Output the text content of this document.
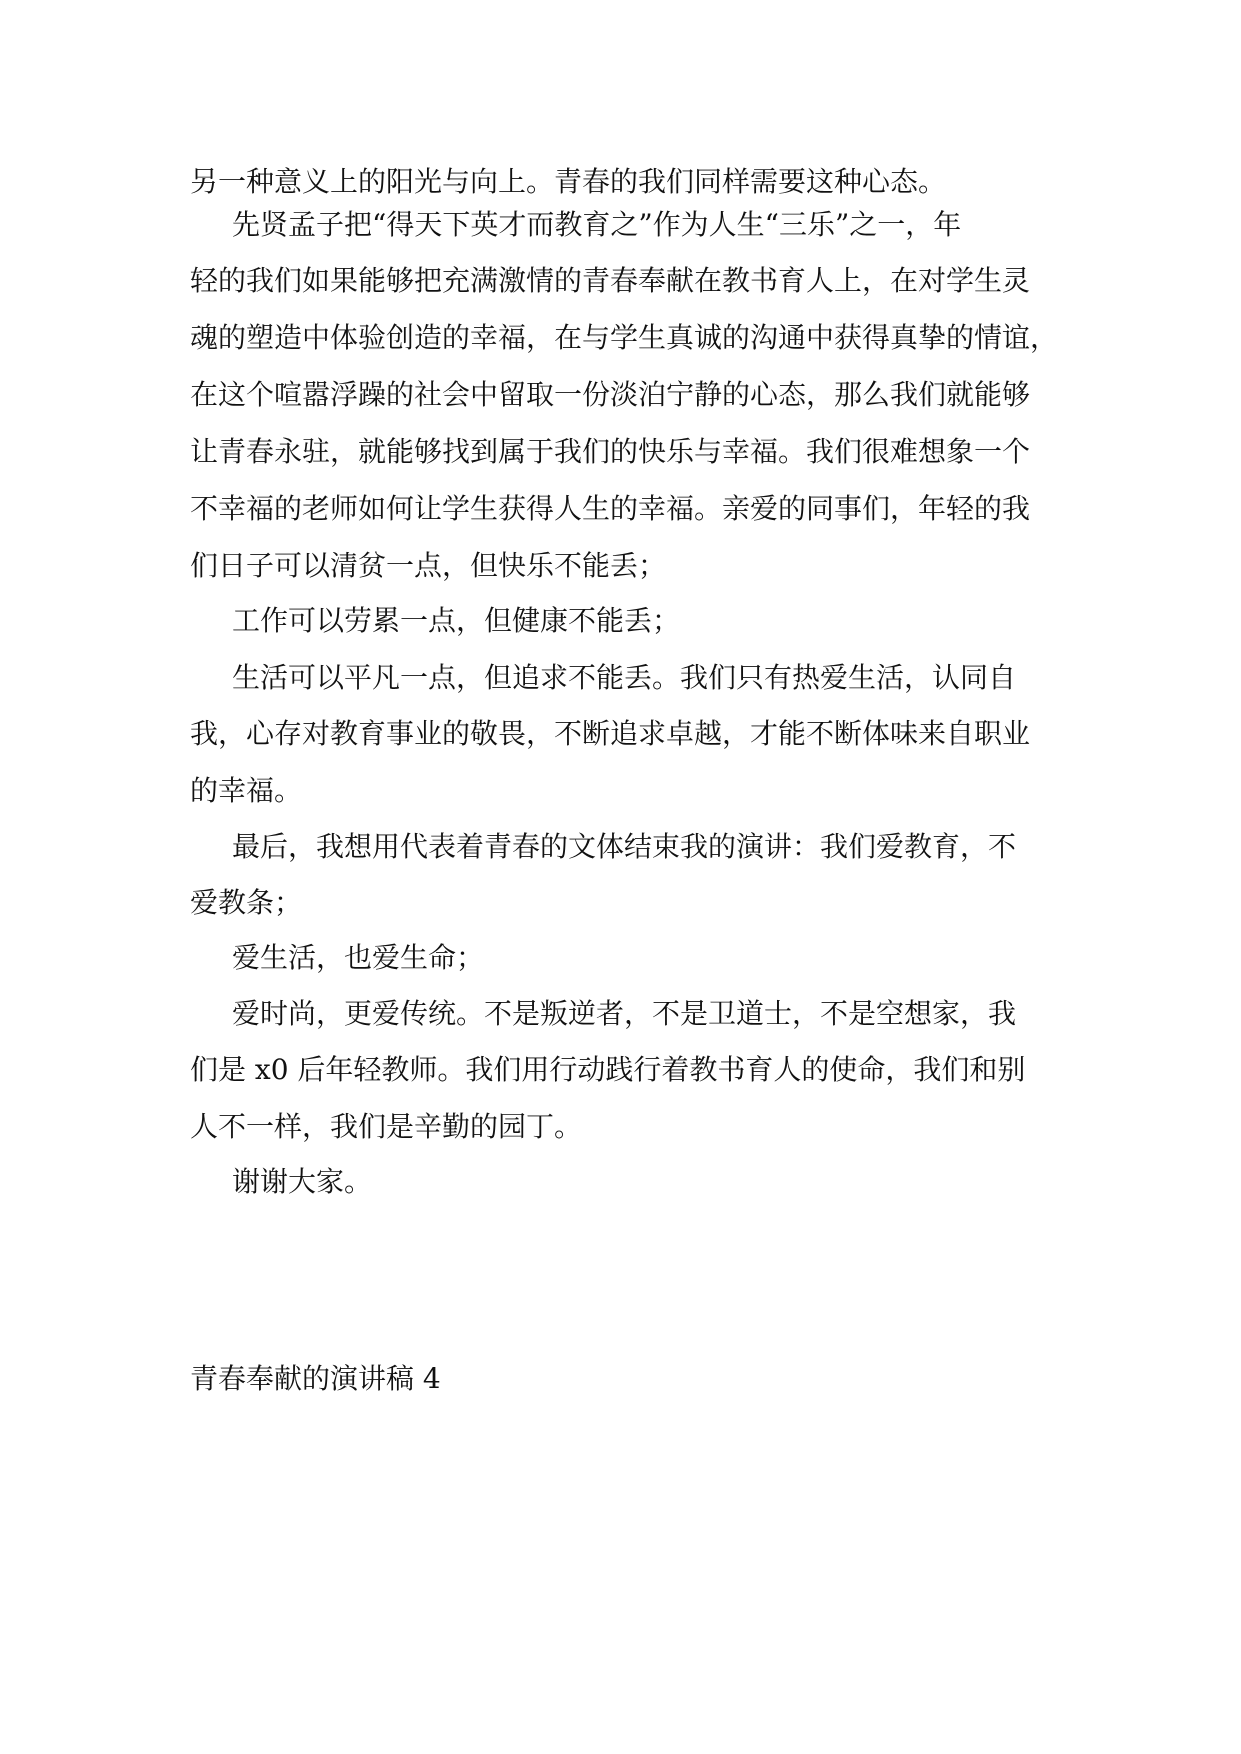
另一种意义上的阳光与向上。青春的我们同样需要这种心态。
先贤孟子把“得天下英才而教育之”作为人生“三乐”之一，年
轻的我们如果能够把充满激情的青春奉献在教书育人上，在对学生灵
魂的塑造中体验创造的幸福，在与学生真诚的沟通中获得真挚的情谊，
在这个喧嚣浮躁的社会中留取一份淡泊宁静的心态，那么我们就能够
让青春永驻，就能够找到属于我们的快乐与幸福。我们很难想象一个
不幸福的老师如何让学生获得人生的幸福。亲爱的同事们，年轻的我
们日子可以清贫一点，但快乐不能丢；
工作可以劳累一点，但健康不能丢；
生活可以平凡一点，但追求不能丢。我们只有热爱生活，认同自
我，心存对教育事业的敬畏，不断追求卓越，才能不断体味来自职业
的幸福。
最后，我想用代表着青春的文体结束我的演讲：我们爱教育，不
爱教条；
爱生活，也爱生命；
爱时尚，更爱传统。不是叛逆者，不是卫道士，不是空想家，我
们是 x0 后年轻教师。我们用行动践行着教书育人的使命，我们和别
人不一样，我们是辛勤的园丁。
谢谢大家。
青春奉献的演讲稿 4
